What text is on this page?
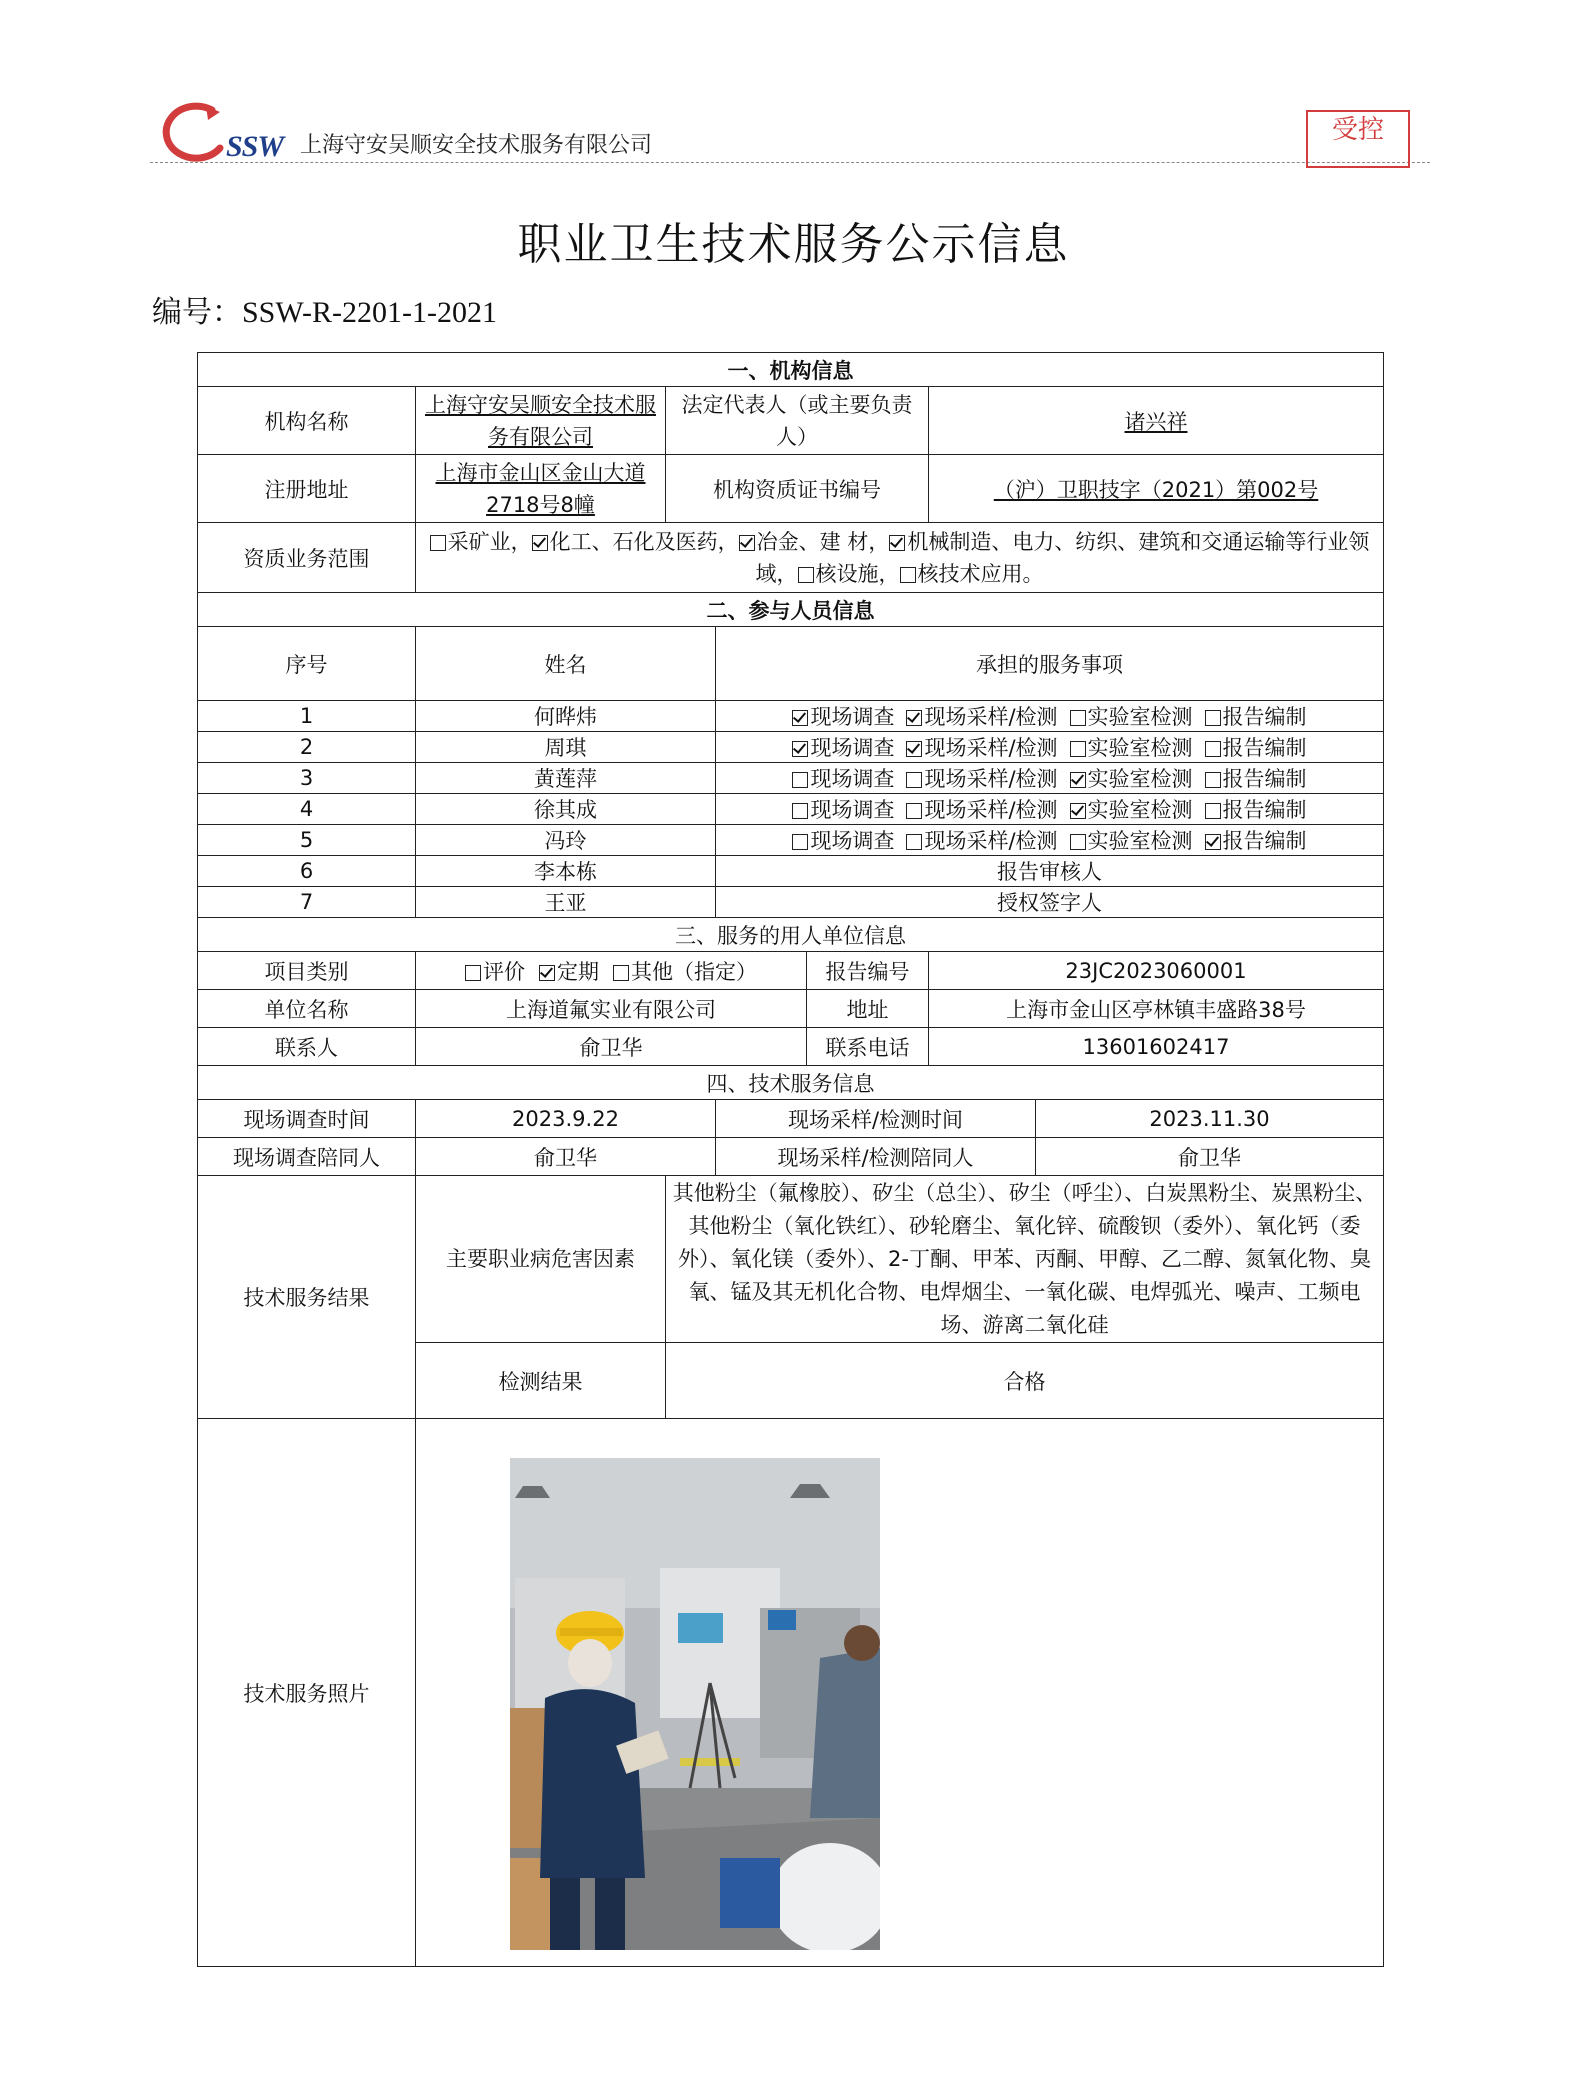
SSW 上海守安吴顺安全技术服务有限公司
受控
职业卫生技术服务公示信息
编号：SSW-R-2201-1-2021
一、机构信息						
机构名称	上海守安吴顺安全技术服务有限公司	法定代表人（或主要负责人）			诸兴祥	
注册地址	上海市金山区金山大道2718号8幢	机构资质证书编号			（沪）卫职技字（2021）第002号	
资质业务范围	采矿业， 化工、石化及医药， 冶金、建 材， 机械制造、电力、纺织、建筑和交通运输等行业领域， 核设施， 核技术应用。					
二、参与人员信息						
序号	姓名		承担的服务事项			
1	何晔炜		现场调查 现场采样/检测 实验室检测 报告编制			
2	周琪		现场调查 现场采样/检测 实验室检测 报告编制			
3	黄莲萍		现场调查 现场采样/检测 实验室检测 报告编制			
4	徐其成		现场调查 现场采样/检测 实验室检测 报告编制			
5	冯玲		现场调查 现场采样/检测 实验室检测 报告编制			
6	李本栋		报告审核人			
7	王亚		授权签字人			
三、服务的用人单位信息						
项目类别	评价 定期 其他（指定）			报告编号	23JC2023060001	
单位名称	上海道氟实业有限公司			地址	上海市金山区亭林镇丰盛路38号	
联系人	俞卫华			联系电话	13601602417	
四、技术服务信息						
现场调查时间	2023.9.22		现场采样/检测时间			2023.11.30
现场调查陪同人	俞卫华		现场采样/检测陪同人			俞卫华
技术服务结果	主要职业病危害因素	其他粉尘（氟橡胶）、矽尘（总尘）、矽尘（呼尘）、白炭黑粉尘、炭黑粉尘、其他粉尘（氧化铁红）、砂轮磨尘、氧化锌、硫酸钡（委外）、氧化钙（委外）、氧化镁（委外）、2-丁酮、甲苯、丙酮、甲醇、乙二醇、氮氧化物、臭氧、锰及其无机化合物、电焊烟尘、一氧化碳、电焊弧光、噪声、工频电场、游离二氧化硅				
	检测结果	合格				
技术服务照片						
